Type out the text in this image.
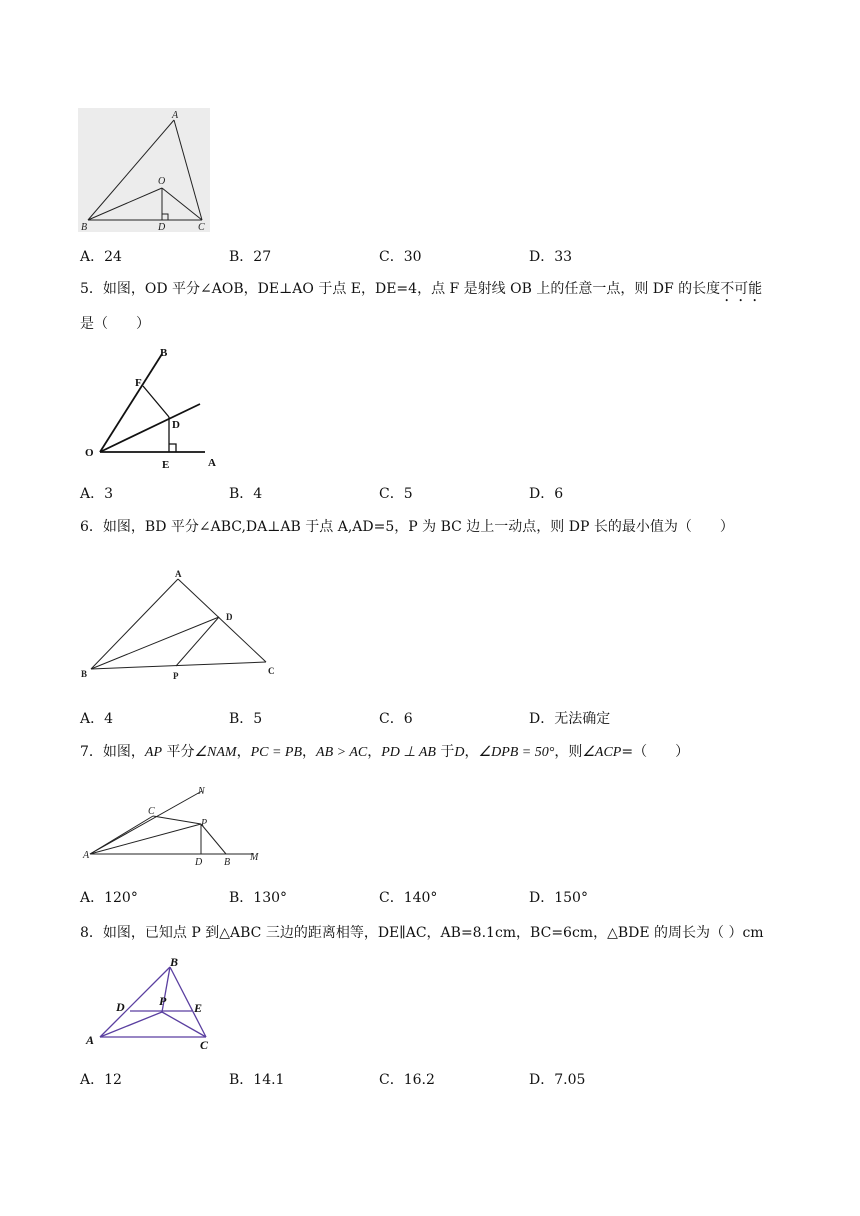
A
O
B	D	C
A．24	B．27	C．30	D．33
5．如图，OD 平分∠AOB，DE⊥AO 于点 E，DE=4，点 F 是射线 OB 上的任意一点，则 DF 的长度不可能
是（　　）
B
F
D
O
E	A
A．3	B．4	C．5	D．6
6．如图，BD 平分∠ABC,DA⊥AB 于点 A,AD=5，P 为 BC 边上一动点，则 DP 长的最小值为（　　）
A
D
B	P	C
A．4	B．5	C．6	D．无法确定
7．如图，AP 平分∠NAM，PC = PB，AB > AC，PD ⊥ AB 于D，∠DPB = 50°，则∠ACP=（　　）
N
C
P
A
D B M
A．120°	B．130°	C．140°	D．150°
8．如图，已知点 P 到△ABC 三边的距离相等，DE∥AC，AB=8.1cm，BC=6cm，△BDE 的周长为（ ）cm
B
D	P E
A	C
A．12	B．14.1	C．16.2	D．7.05
